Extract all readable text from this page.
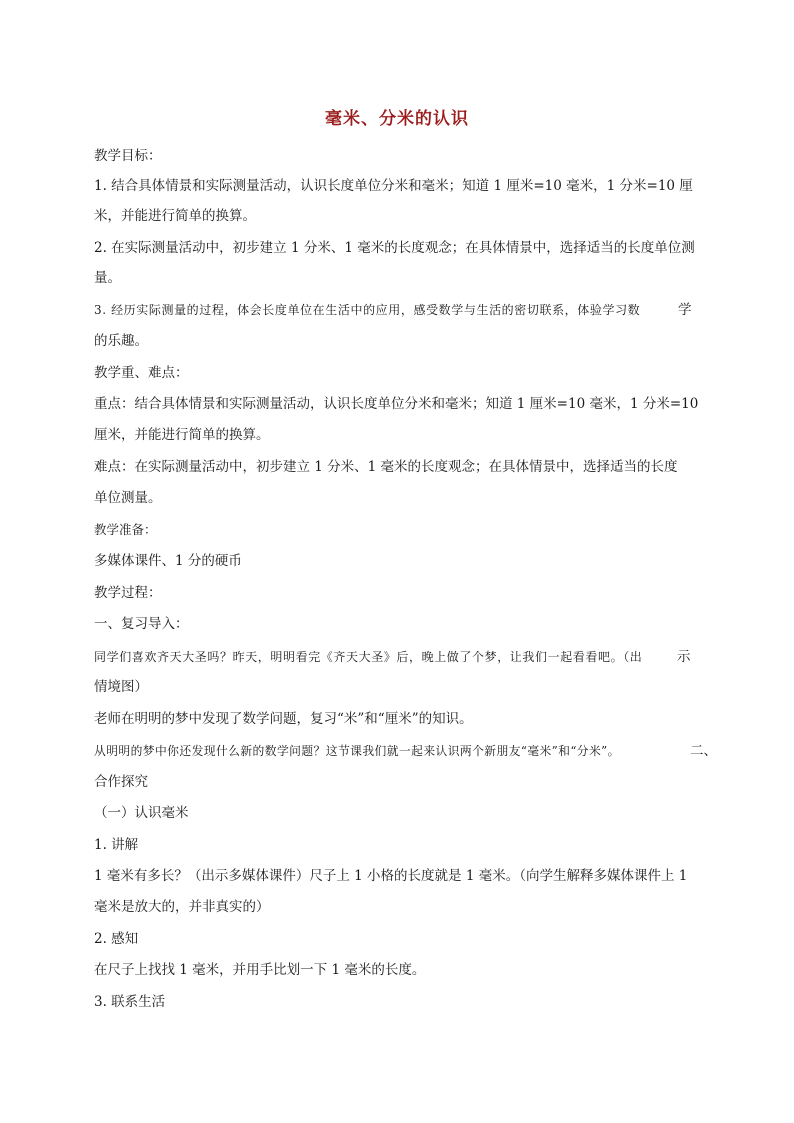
毫米、分米的认识
教学目标：
1. 结合具体情景和实际测量活动，认识长度单位分米和毫米；知道 1 厘米=10 毫米，1 分米=10 厘
米，并能进行简单的换算。
2. 在实际测量活动中，初步建立 1 分米、1 毫米的长度观念；在具体情景中，选择适当的长度单位测
量。
3. 经历实际测量的过程，体会长度单位在生活中的应用，感受数学与生活的密切联系，体验学习数	学
的乐趣。
教学重、难点：
重点：结合具体情景和实际测量活动，认识长度单位分米和毫米；知道 1 厘米=10 毫米，1 分米=10
厘米，并能进行简单的换算。
难点：在实际测量活动中，初步建立 1 分米、1 毫米的长度观念；在具体情景中，选择适当的长度
单位测量。
教学准备：
多媒体课件、1 分的硬币
教学过程：
一、复习导入：
同学们喜欢齐天大圣吗？昨天，明明看完《齐天大圣》后，晚上做了个梦，让我们一起看看吧。（出	示
情境图）
老师在明明的梦中发现了数学问题，复习“米”和“厘米”的知识。
从明明的梦中你还发现什么新的数学问题？这节课我们就一起来认识两个新朋友“毫米”和“分米”。	二、
合作探究
（一）认识毫米
1. 讲解
1 毫米有多长？（出示多媒体课件）尺子上 1 小格的长度就是 1 毫米。（向学生解释多媒体课件上 1
毫米是放大的，并非真实的）
2. 感知
在尺子上找找 1 毫米，并用手比划一下 1 毫米的长度。
3. 联系生活
